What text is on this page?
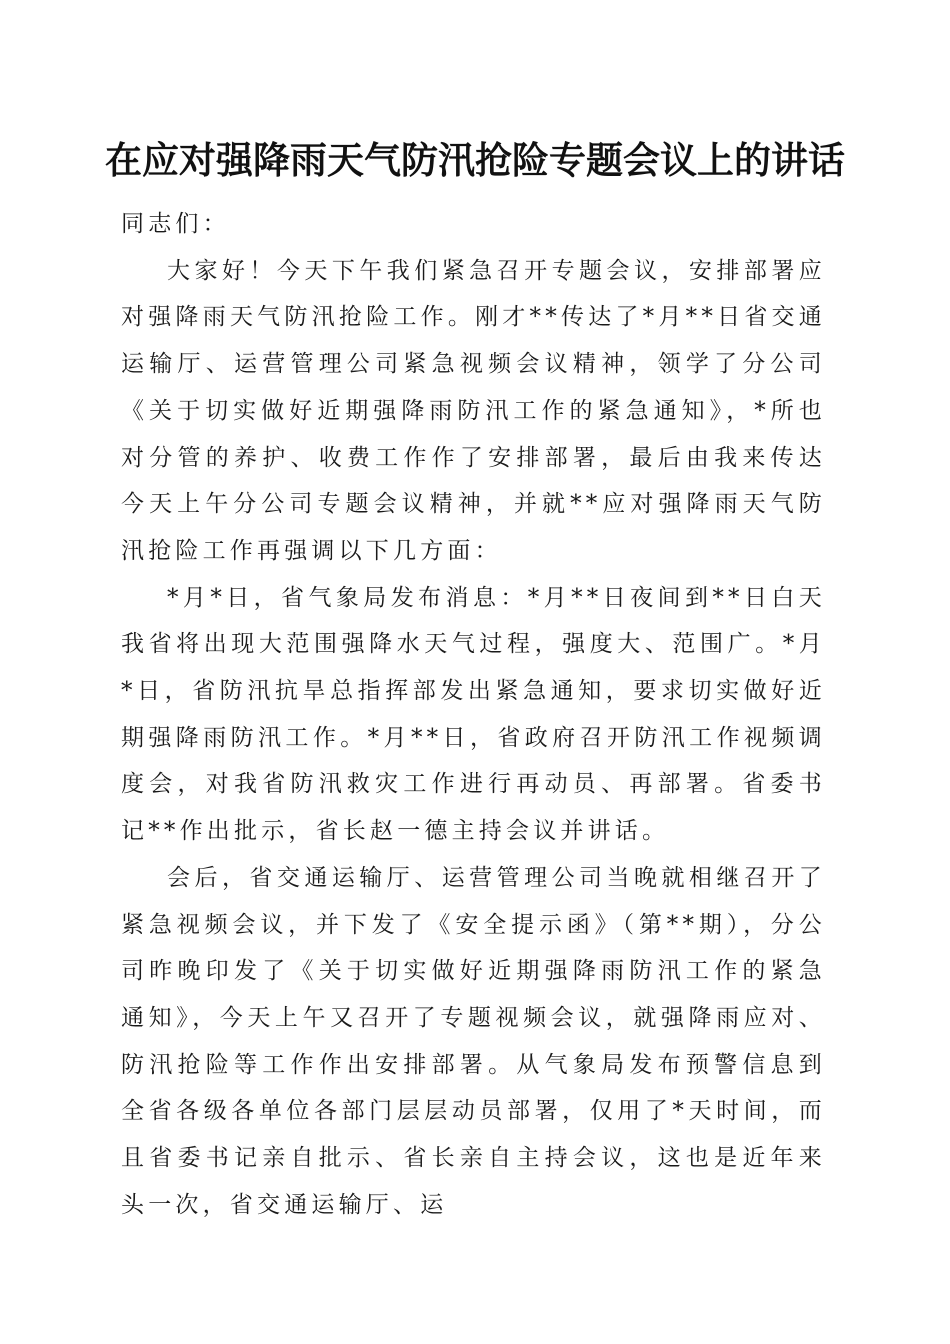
在应对强降雨天气防汛抢险专题会议上的讲话

同志们：

大家好！今天下午我们紧急召开专题会议，安排部署应对强降雨天气防汛抢险工作。刚才**传达了*月**日省交通运输厅、运营管理公司紧急视频会议精神，领学了分公司《关于切实做好近期强降雨防汛工作的紧急通知》，*所也对分管的养护、收费工作作了安排部署，最后由我来传达今天上午分公司专题会议精神，并就**应对强降雨天气防汛抢险工作再强调以下几方面：

*月*日，省气象局发布消息：*月**日夜间到**日白天我省将出现大范围强降水天气过程，强度大、范围广。*月*日，省防汛抗旱总指挥部发出紧急通知，要求切实做好近期强降雨防汛工作。*月**日，省政府召开防汛工作视频调度会，对我省防汛救灾工作进行再动员、再部署。省委书记**作出批示，省长赵一德主持会议并讲话。

会后，省交通运输厅、运营管理公司当晚就相继召开了紧急视频会议，并下发了《安全提示函》（第**期），分公司昨晚印发了《关于切实做好近期强降雨防汛工作的紧急通知》，今天上午又召开了专题视频会议，就强降雨应对、防汛抢险等工作作出安排部署。从气象局发布预警信息到全省各级各单位各部门层层动员部署，仅用了*天时间，而且省委书记亲自批示、省长亲自主持会议，这也是近年来头一次，省交通运输厅、运
